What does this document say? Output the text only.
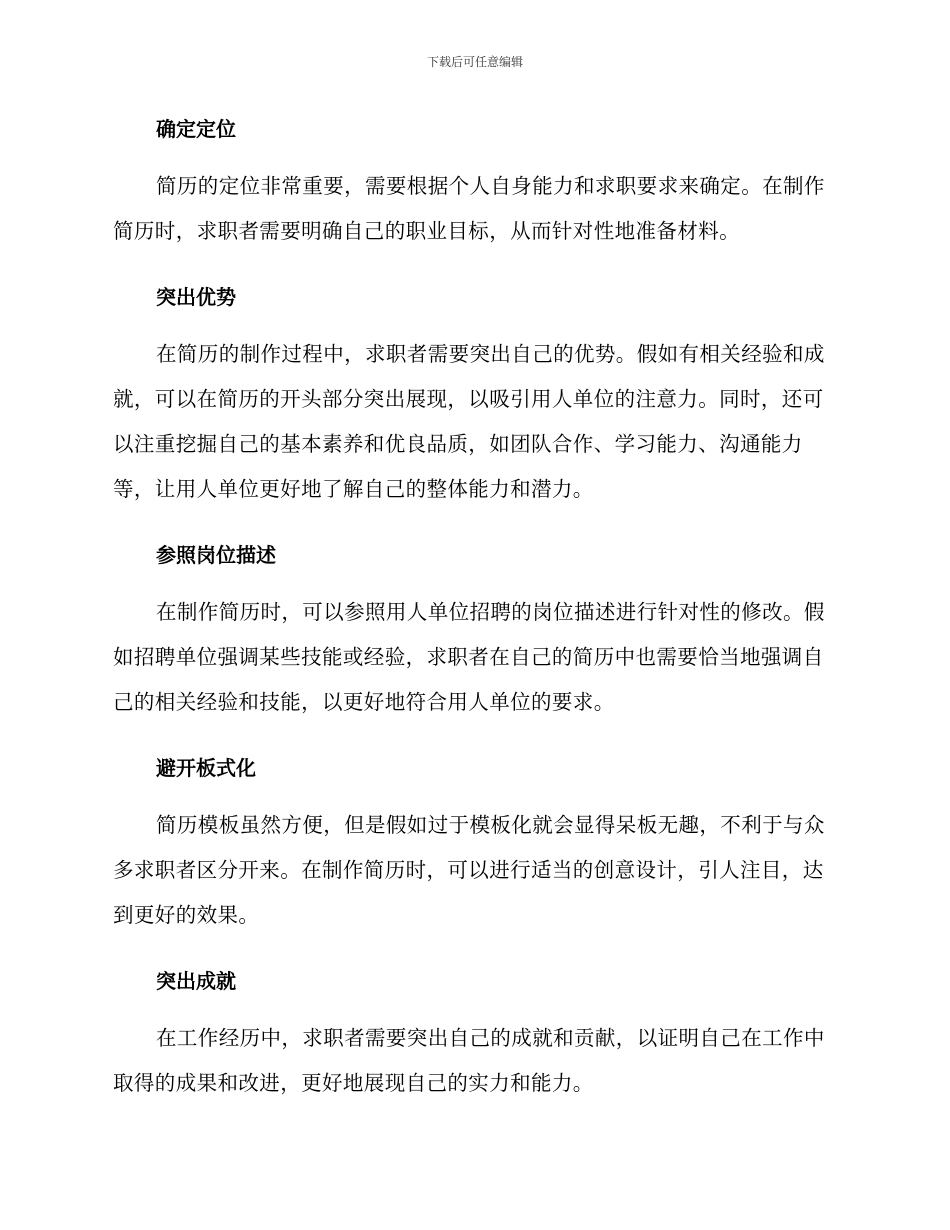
下载后可任意编辑
确定定位
简历的定位非常重要，需要根据个人自身能力和求职要求来确定。在制作简历时，求职者需要明确自己的职业目标，从而针对性地准备材料。
突出优势
在简历的制作过程中，求职者需要突出自己的优势。假如有相关经验和成就，可以在简历的开头部分突出展现，以吸引用人单位的注意力。同时，还可以注重挖掘自己的基本素养和优良品质，如团队合作、学习能力、沟通能力等，让用人单位更好地了解自己的整体能力和潜力。
参照岗位描述
在制作简历时，可以参照用人单位招聘的岗位描述进行针对性的修改。假如招聘单位强调某些技能或经验，求职者在自己的简历中也需要恰当地强调自己的相关经验和技能，以更好地符合用人单位的要求。
避开板式化
简历模板虽然方便，但是假如过于模板化就会显得呆板无趣，不利于与众多求职者区分开来。在制作简历时，可以进行适当的创意设计，引人注目，达到更好的效果。
突出成就
在工作经历中，求职者需要突出自己的成就和贡献，以证明自己在工作中取得的成果和改进，更好地展现自己的实力和能力。
